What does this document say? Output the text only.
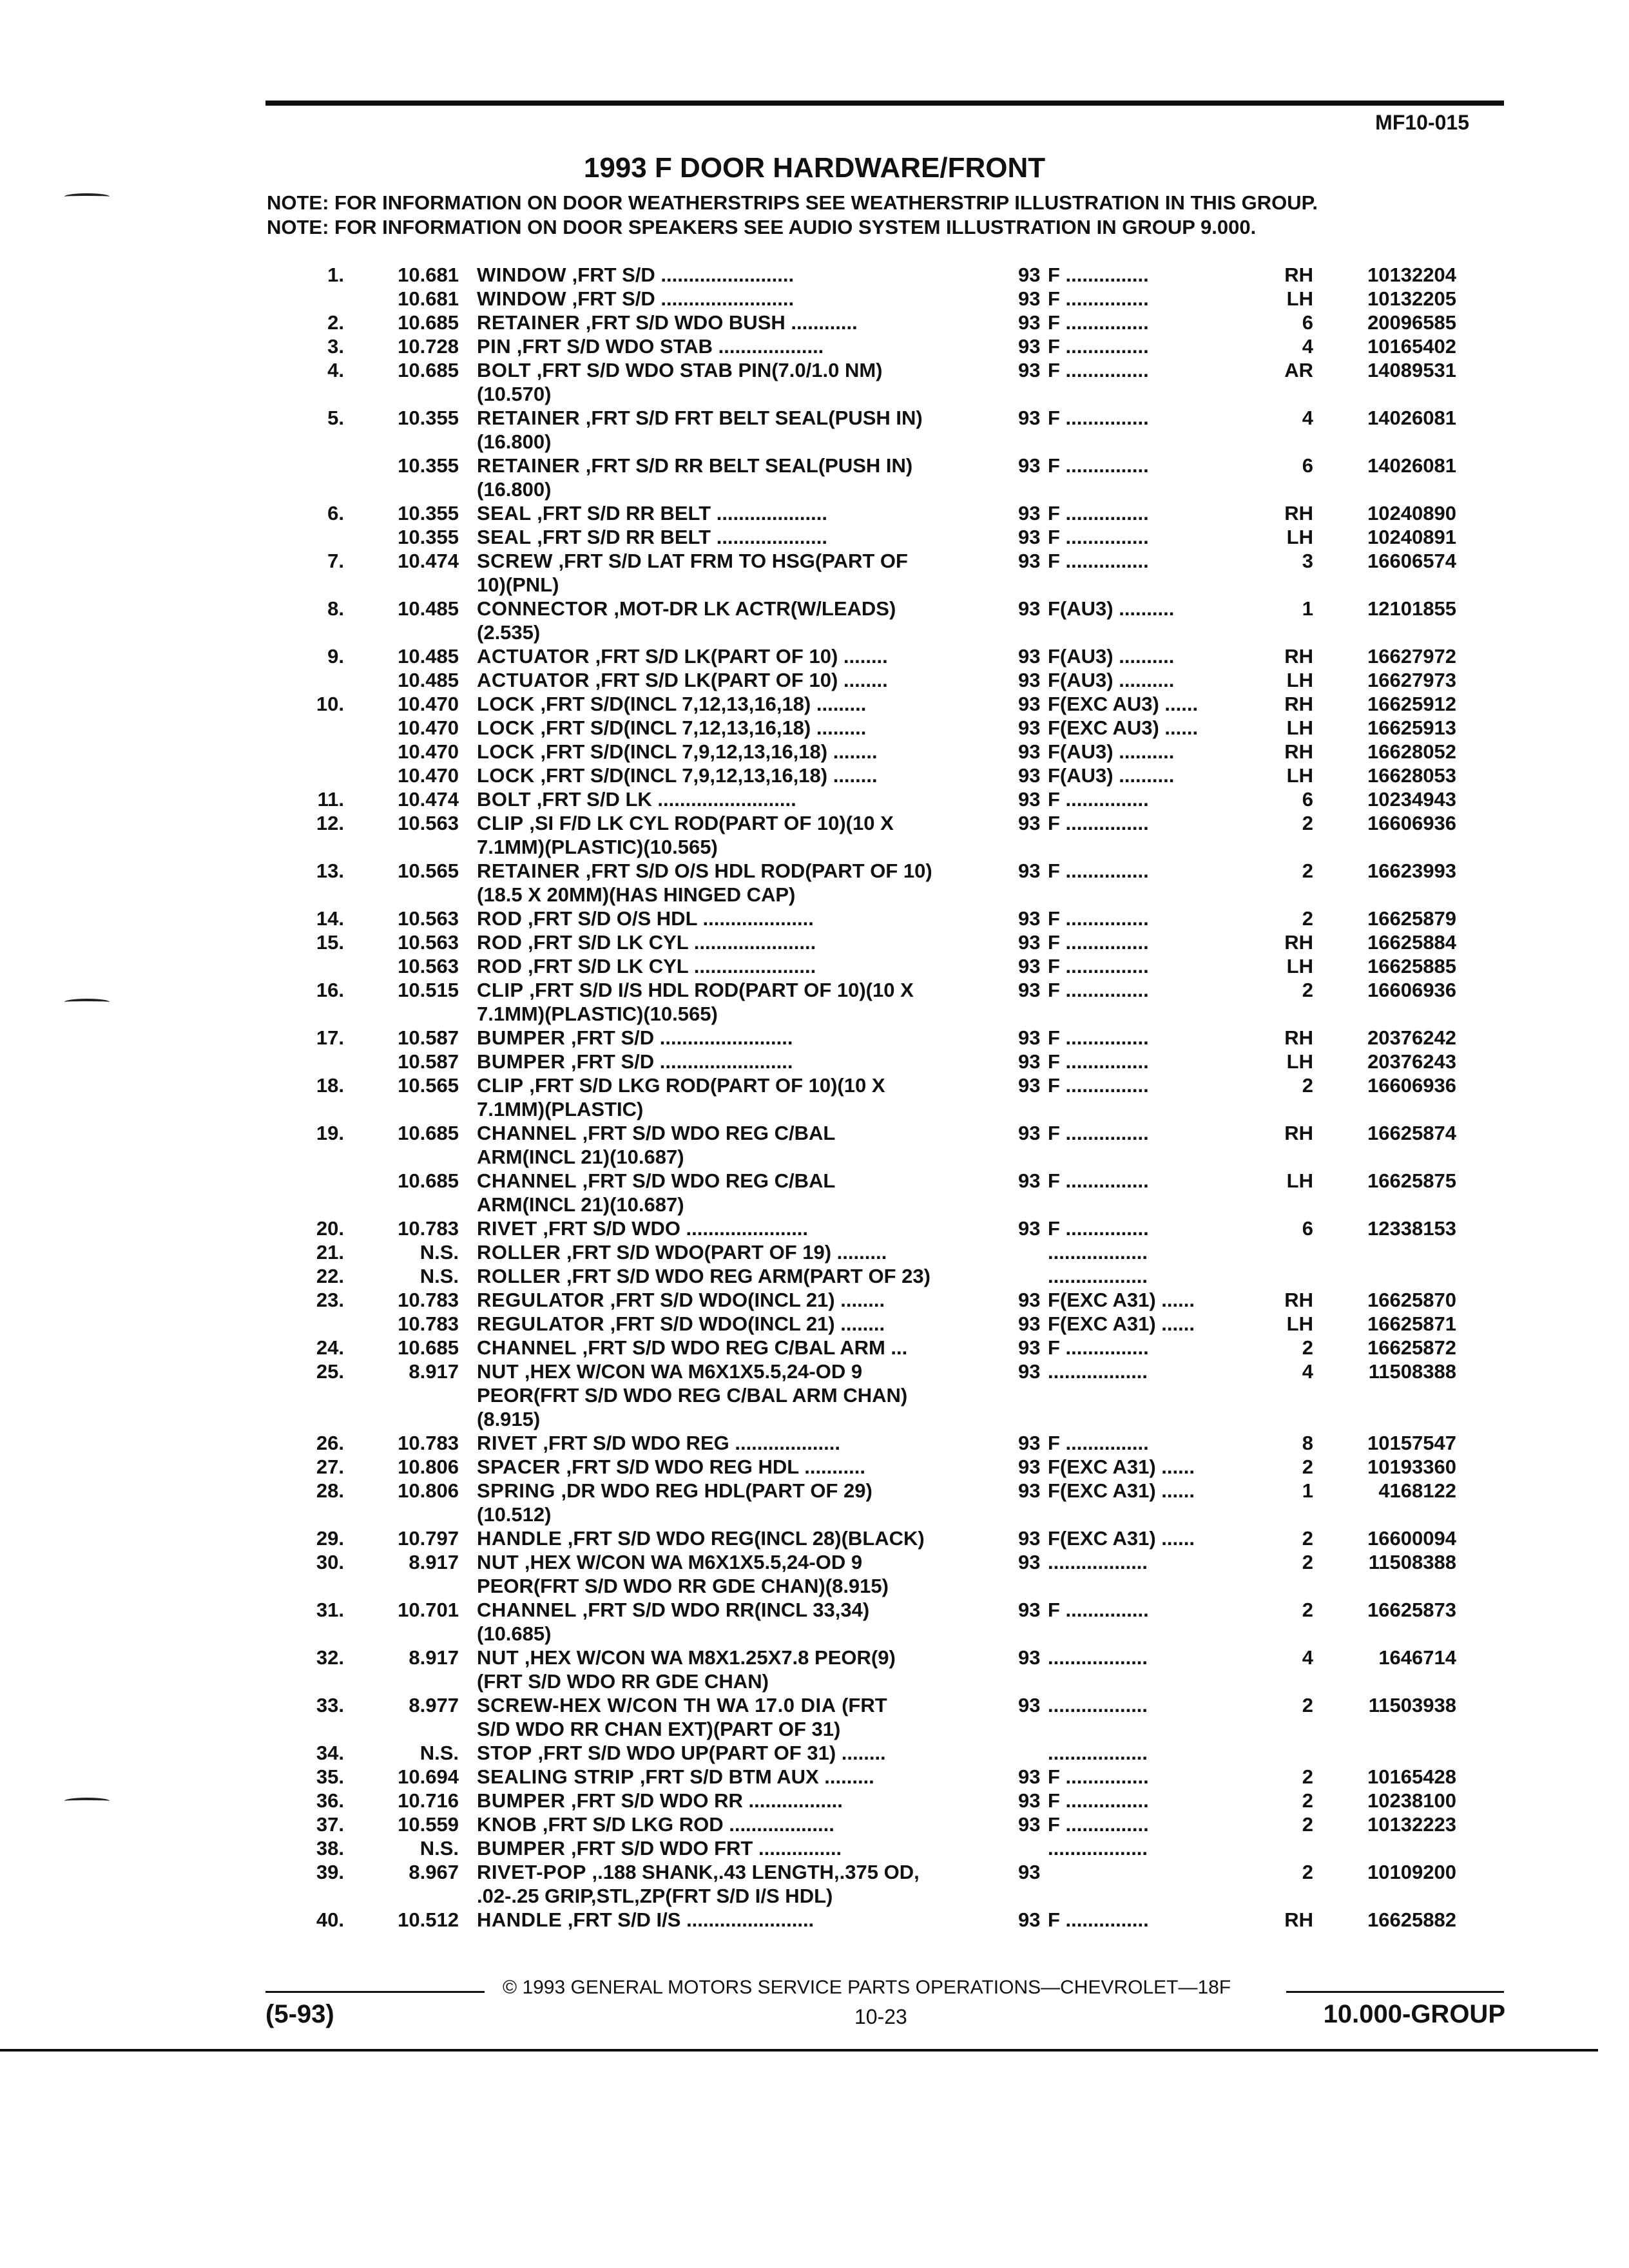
MF10-015
1993 F DOOR HARDWARE/FRONT
NOTE: FOR INFORMATION ON DOOR WEATHERSTRIPS SEE WEATHERSTRIP ILLUSTRATION IN THIS GROUP.
NOTE: FOR INFORMATION ON DOOR SPEAKERS SEE AUDIO SYSTEM ILLUSTRATION IN GROUP 9.000.
1.	10.681 WINDOW ,FRT S/D ........................	93 F ...............	RH	10132204
10.681 WINDOW ,FRT S/D ........................	93 F ...............	LH	10132205
2.	10.685 RETAINER ,FRT S/D WDO BUSH ............	93 F ...............	6	20096585
3.	10.728 PIN ,FRT S/D WDO STAB ...................	93 F ...............	4	10165402
4.	10.685 BOLT ,FRT S/D WDO STAB PIN(7.0/1.0 NM)	93 F ...............	AR	14089531
(10.570)
5.	10.355 RETAINER ,FRT S/D FRT BELT SEAL(PUSH IN)	93 F ...............	4	14026081
(16.800)
10.355 RETAINER ,FRT S/D RR BELT SEAL(PUSH IN)	93 F ...............	6	14026081
(16.800)
6.	10.355 SEAL ,FRT S/D RR BELT ....................	93 F ...............	RH	10240890
10.355 SEAL ,FRT S/D RR BELT ....................	93 F ...............	LH	10240891
7.	10.474 SCREW ,FRT S/D LAT FRM TO HSG(PART OF	93 F ...............	3	16606574
10)(PNL)
8.	10.485 CONNECTOR ,MOT-DR LK ACTR(W/LEADS)	93 F(AU3) ..........	1	12101855
(2.535)
9.	10.485 ACTUATOR ,FRT S/D LK(PART OF 10) ........	93 F(AU3) ..........	RH	16627972
10.485 ACTUATOR ,FRT S/D LK(PART OF 10) ........	93 F(AU3) ..........	LH	16627973
10.	10.470 LOCK ,FRT S/D(INCL 7,12,13,16,18) .........	93 F(EXC AU3) ......	RH	16625912
10.470 LOCK ,FRT S/D(INCL 7,12,13,16,18) .........	93 F(EXC AU3) ......	LH	16625913
10.470 LOCK ,FRT S/D(INCL 7,9,12,13,16,18) ........	93 F(AU3) ..........	RH	16628052
10.470 LOCK ,FRT S/D(INCL 7,9,12,13,16,18) ........	93 F(AU3) ..........	LH	16628053
11.	10.474 BOLT ,FRT S/D LK .........................	93 F ...............	6	10234943
12.	10.563 CLIP ,SI F/D LK CYL ROD(PART OF 10)(10 X	93 F ...............	2	16606936
7.1MM)(PLASTIC)(10.565)
13.	10.565 RETAINER ,FRT S/D O/S HDL ROD(PART OF 10)	93 F ...............	2	16623993
(18.5 X 20MM)(HAS HINGED CAP)
14.	10.563 ROD ,FRT S/D O/S HDL ....................	93 F ...............	2	16625879
15.	10.563 ROD ,FRT S/D LK CYL ......................	93 F ...............	RH	16625884
10.563 ROD ,FRT S/D LK CYL ......................	93 F ...............	LH	16625885
16.	10.515 CLIP ,FRT S/D I/S HDL ROD(PART OF 10)(10 X	93 F ...............	2	16606936
7.1MM)(PLASTIC)(10.565)
17.	10.587 BUMPER ,FRT S/D ........................	93 F ...............	RH	20376242
10.587 BUMPER ,FRT S/D ........................	93 F ...............	LH	20376243
18.	10.565 CLIP ,FRT S/D LKG ROD(PART OF 10)(10 X	93 F ...............	2	16606936
7.1MM)(PLASTIC)
19.	10.685 CHANNEL ,FRT S/D WDO REG C/BAL	93 F ...............	RH	16625874
ARM(INCL 21)(10.687)
10.685 CHANNEL ,FRT S/D WDO REG C/BAL	93 F ...............	LH	16625875
ARM(INCL 21)(10.687)
20.	10.783 RIVET ,FRT S/D WDO ......................	93 F ...............	6	12338153
21.	N.S. ROLLER ,FRT S/D WDO(PART OF 19) .........	..................
22.	N.S. ROLLER ,FRT S/D WDO REG ARM(PART OF 23)	..................
23.	10.783 REGULATOR ,FRT S/D WDO(INCL 21) ........	93 F(EXC A31) ......	RH	16625870
10.783 REGULATOR ,FRT S/D WDO(INCL 21) ........	93 F(EXC A31) ......	LH	16625871
24.	10.685 CHANNEL ,FRT S/D WDO REG C/BAL ARM ...	93 F ...............	2	16625872
25.	8.917 NUT ,HEX W/CON WA M6X1X5.5,24-OD 9	93 ..................	4	11508388
PEOR(FRT S/D WDO REG C/BAL ARM CHAN)
(8.915)
26.	10.783 RIVET ,FRT S/D WDO REG ...................	93 F ...............	8	10157547
27.	10.806 SPACER ,FRT S/D WDO REG HDL ...........	93 F(EXC A31) ......	2	10193360
28.	10.806 SPRING ,DR WDO REG HDL(PART OF 29)	93 F(EXC A31) ......	1	4168122
(10.512)
29.	10.797 HANDLE ,FRT S/D WDO REG(INCL 28)(BLACK)	93 F(EXC A31) ......	2	16600094
30.	8.917 NUT ,HEX W/CON WA M6X1X5.5,24-OD 9	93 ..................	2	11508388
PEOR(FRT S/D WDO RR GDE CHAN)(8.915)
31.	10.701 CHANNEL ,FRT S/D WDO RR(INCL 33,34)	93 F ...............	2	16625873
(10.685)
32.	8.917 NUT ,HEX W/CON WA M8X1.25X7.8 PEOR(9)	93 ..................	4	1646714
(FRT S/D WDO RR GDE CHAN)
33.	8.977 SCREW-HEX W/CON TH WA 17.0 DIA (FRT	93 ..................	2	11503938
S/D WDO RR CHAN EXT)(PART OF 31)
34.	N.S. STOP ,FRT S/D WDO UP(PART OF 31) ........	..................
35.	10.694 SEALING STRIP ,FRT S/D BTM AUX .........	93 F ...............	2	10165428
36.	10.716 BUMPER ,FRT S/D WDO RR .................	93 F ...............	2	10238100
37.	10.559 KNOB ,FRT S/D LKG ROD ...................	93 F ...............	2	10132223
38.	N.S. BUMPER ,FRT S/D WDO FRT ...............	..................
39.	8.967 RIVET-POP ,.188 SHANK,.43 LENGTH,.375 OD,	93	2	10109200
.02-.25 GRIP,STL,ZP(FRT S/D I/S HDL)
40.	10.512 HANDLE ,FRT S/D I/S .......................	93 F ...............	RH	16625882
© 1993 GENERAL MOTORS SERVICE PARTS OPERATIONS—CHEVROLET—18F
(5-93)	10-23	10.000-GROUP
